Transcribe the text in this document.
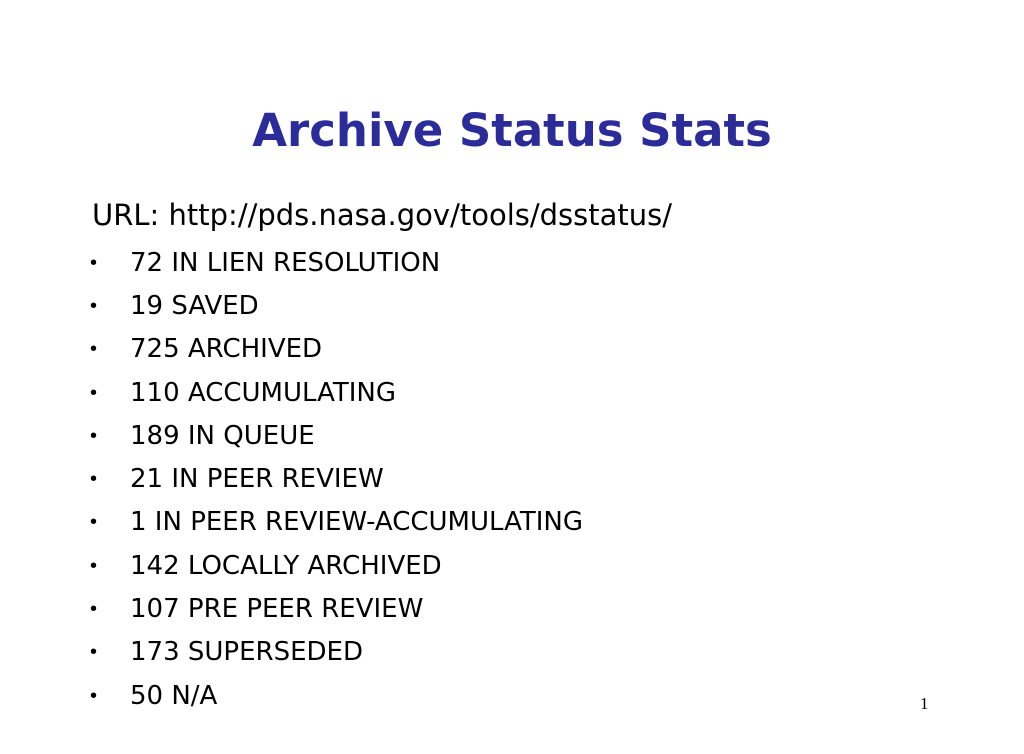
Archive Status Stats
URL: http://pds.nasa.gov/tools/dsstatus/
•	72 IN LIEN RESOLUTION
•	19 SAVED
•	725 ARCHIVED
•	110 ACCUMULATING
•	189 IN QUEUE
•	21 IN PEER REVIEW
•	1 IN PEER REVIEW-ACCUMULATING
•	142 LOCALLY ARCHIVED
•	107 PRE PEER REVIEW
•	173 SUPERSEDED
•	50 N/A	1
